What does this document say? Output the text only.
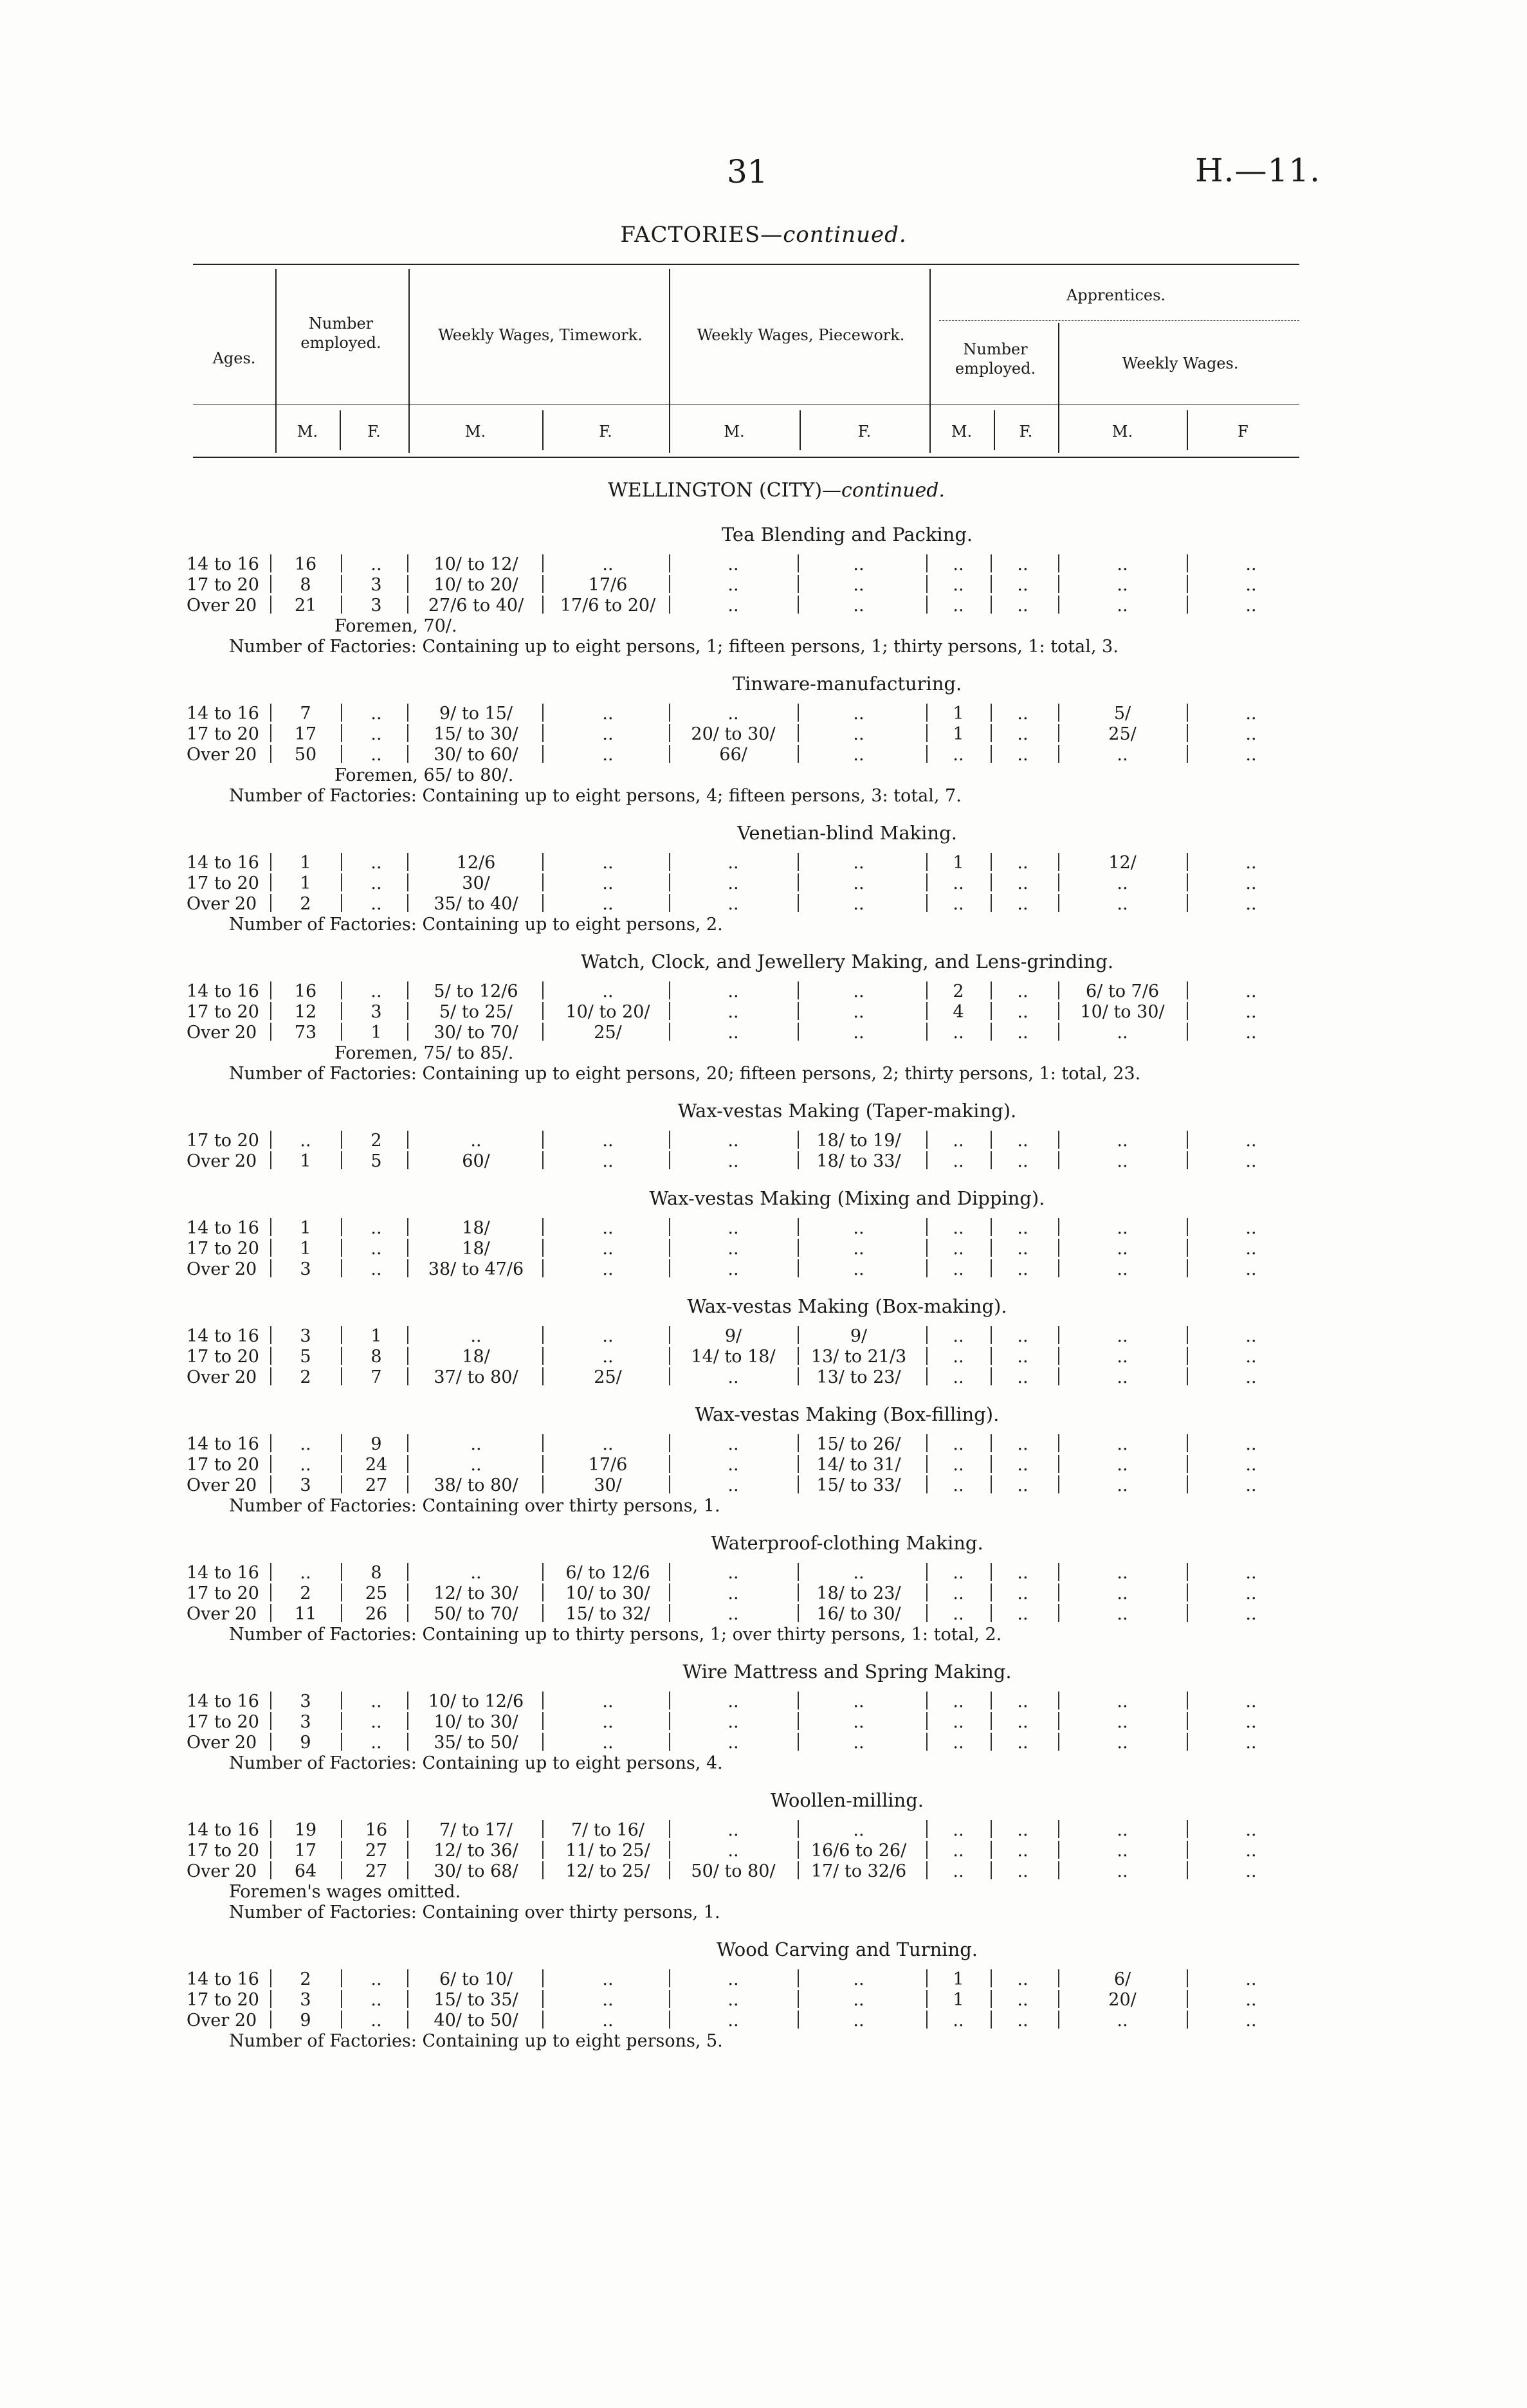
31	H.—11.
FACTORIES—continued.
Ages.
Number employed.	Weekly Wages, Timework.	Weekly Wages, Piecework.
Apprentices.
Number employed.	Weekly Wages.
M.	F.	M.	F.	M.	F.	M.	F.	M.	F
WELLINGTON (CITY)—continued.
Tea Blending and Packing.
14 to 16	16	..	10/ to 12/	..	..	..	..	..	..	..
17 to 20	8	3	10/ to 20/	17/6	..	..	..	..	..	..
Over 20	21	3	27/6 to 40/	17/6 to 20/	..	..	..	..	..	..
Foremen, 70/.
Number of Factories: Containing up to eight persons, 1; fifteen persons, 1; thirty persons, 1: total, 3.
Tinware-manufacturing.
14 to 16	7	..	9/ to 15/	..	..	..	1	..	5/	..
17 to 20	17	..	15/ to 30/	..	20/ to 30/	..	1	..	25/	..
Over 20	50	..	30/ to 60/	..	66/	..	..	..	..	..
Foremen, 65/ to 80/.
Number of Factories: Containing up to eight persons, 4; fifteen persons, 3: total, 7.
Venetian-blind Making.
14 to 16	1	..	12/6	..	..	..	1	..	12/	..
17 to 20	1	..	30/	..	..	..	..	..	..	..
Over 20	2	..	35/ to 40/	..	..	..	..	..	..	..
Number of Factories: Containing up to eight persons, 2.
Watch, Clock, and Jewellery Making, and Lens-grinding.
14 to 16	16	..	5/ to 12/6	..	..	..	2	..	6/ to 7/6	..
17 to 20	12	3	5/ to 25/	10/ to 20/	..	..	4	..	10/ to 30/	..
Over 20	73	1	30/ to 70/	25/	..	..	..	..	..	..
Foremen, 75/ to 85/.
Number of Factories: Containing up to eight persons, 20; fifteen persons, 2; thirty persons, 1: total, 23.
Wax-vestas Making (Taper-making).
17 to 20	..	2	..	..	..	18/ to 19/	..	..	..	..
Over 20	1	5	60/	..	..	18/ to 33/	..	..	..	..
Wax-vestas Making (Mixing and Dipping).
14 to 16	1	..	18/	..	..	..	..	..	..	..
17 to 20	1	..	18/	..	..	..	..	..	..	..
Over 20	3	..	38/ to 47/6	..	..	..	..	..	..	..
Wax-vestas Making (Box-making).
14 to 16	3	1	..	..	9/	9/	..	..	..	..
17 to 20	5	8	18/	..	14/ to 18/	13/ to 21/3	..	..	..	..
Over 20	2	7	37/ to 80/	25/	..	13/ to 23/	..	..	..	..
Wax-vestas Making (Box-filling).
14 to 16	..	9	..	..	..	15/ to 26/	..	..	..	..
17 to 20	..	24	..	17/6	..	14/ to 31/	..	..	..	..
Over 20	3	27	38/ to 80/	30/	..	15/ to 33/	..	..	..	..
Number of Factories: Containing over thirty persons, 1.
Waterproof-clothing Making.
14 to 16	..	8	..	6/ to 12/6	..	..	..	..	..	..
17 to 20	2	25	12/ to 30/	10/ to 30/	..	18/ to 23/	..	..	..	..
Over 20	11	26	50/ to 70/	15/ to 32/	..	16/ to 30/	..	..	..	..
Number of Factories: Containing up to thirty persons, 1; over thirty persons, 1: total, 2.
Wire Mattress and Spring Making.
14 to 16	3	..	10/ to 12/6	..	..	..	..	..	..	..
17 to 20	3	..	10/ to 30/	..	..	..	..	..	..	..
Over 20	9	..	35/ to 50/	..	..	..	..	..	..	..
Number of Factories: Containing up to eight persons, 4.
Woollen-milling.
14 to 16	19	16	7/ to 17/	7/ to 16/	..	..	..	..	..	..
17 to 20	17	27	12/ to 36/	11/ to 25/	..	16/6 to 26/	..	..	..	..
Over 20	64	27	30/ to 68/	12/ to 25/	50/ to 80/	17/ to 32/6	..	..	..	..
Foremen's wages omitted.
Number of Factories: Containing over thirty persons, 1.
Wood Carving and Turning.
14 to 16	2	..	6/ to 10/	..	..	..	1	..	6/	..
17 to 20	3	..	15/ to 35/	..	..	..	1	..	20/	..
Over 20	9	..	40/ to 50/	..	..	..	..	..	..	..
Number of Factories: Containing up to eight persons, 5.
